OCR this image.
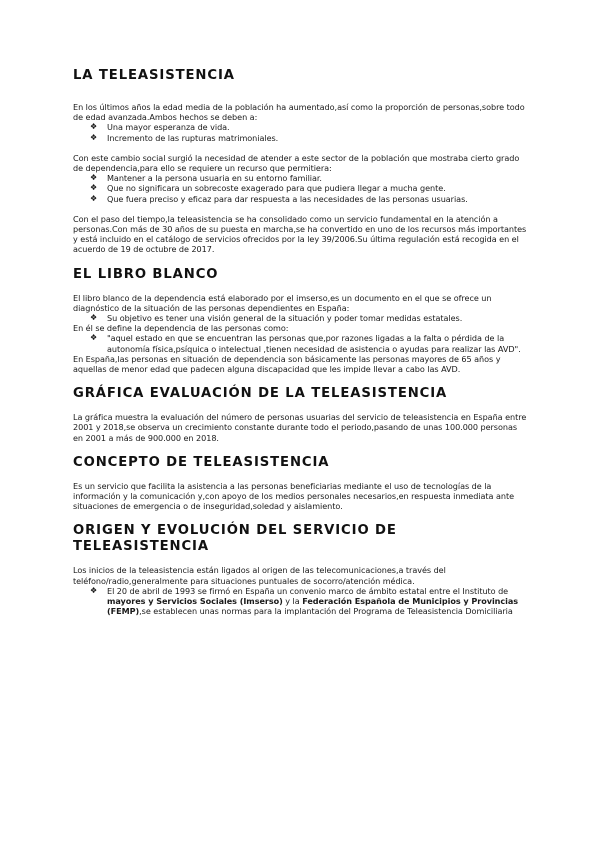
LA TELEASISTENCIA

En los últimos años la edad media de la población ha aumentado,así como la proporción de personas,sobre todo de edad avanzada.Ambos hechos se deben a:

❖ Una mayor esperanza de vida.
❖ Incremento de las rupturas matrimoniales.

Con este cambio social surgió la necesidad de atender a este sector de la población que mostraba cierto grado de dependencia,para ello se requiere un recurso que permitiera:

❖ Mantener a la persona usuaria en su entorno familiar.
❖ Que no significara un sobrecoste exagerado para que pudiera llegar a mucha gente.
❖ Que fuera preciso y eficaz para dar respuesta a las necesidades de las personas usuarias.

Con el paso del tiempo,la teleasistencia se ha consolidado como un servicio fundamental en la atención a personas.Con más de 30 años de su puesta en marcha,se ha convertido en uno de los recursos más importantes y está incluido en el catálogo de servicios ofrecidos por la ley 39/2006.Su última regulación está recogida en el acuerdo de 19 de octubre de 2017.

EL LIBRO BLANCO

El libro blanco de la dependencia está elaborado por el imserso,es un documento en el que se ofrece un diagnóstico de la situación de las personas dependientes en España:

❖ Su objetivo es tener una visión general de la situación y poder tomar medidas estatales.

En él se define la dependencia de las personas como:

❖ "aquel estado en que se encuentran las personas que,por razones ligadas a la falta o pérdida de la autonomía física,psíquica o intelectual ,tienen necesidad de asistencia o ayudas para realizar las AVD".

En España,las personas en situación de dependencia son básicamente las personas mayores de 65 años y aquellas de menor edad que padecen alguna discapacidad que les impide llevar a cabo las AVD.

GRÁFICA EVALUACIÓN DE LA TELEASISTENCIA

La gráfica muestra la evaluación del número de personas usuarias del servicio de teleasistencia en España entre 2001 y 2018,se observa un crecimiento constante durante todo el periodo,pasando de unas 100.000 personas en 2001 a más de 900.000 en 2018.

CONCEPTO DE TELEASISTENCIA

Es un servicio que facilita la asistencia a las personas beneficiarias mediante el uso de tecnologías de la información y la comunicación y,con apoyo de los medios personales necesarios,en respuesta inmediata ante situaciones de emergencia o de inseguridad,soledad y aislamiento.

ORIGEN Y EVOLUCIÓN DEL SERVICIO DE TELEASISTENCIA

Los inicios de la teleasistencia están ligados al origen de las telecomunicaciones,a través del teléfono/radio,generalmente para situaciones puntuales de socorro/atención médica.

❖ El 20 de abril de 1993 se firmó en España un convenio marco de ámbito estatal entre el Instituto de mayores y Servicios Sociales (Imserso) y la Federación Española de Municipios y Provincias (FEMP),se establecen unas normas para la implantación del Programa de Teleasistencia Domiciliaria
